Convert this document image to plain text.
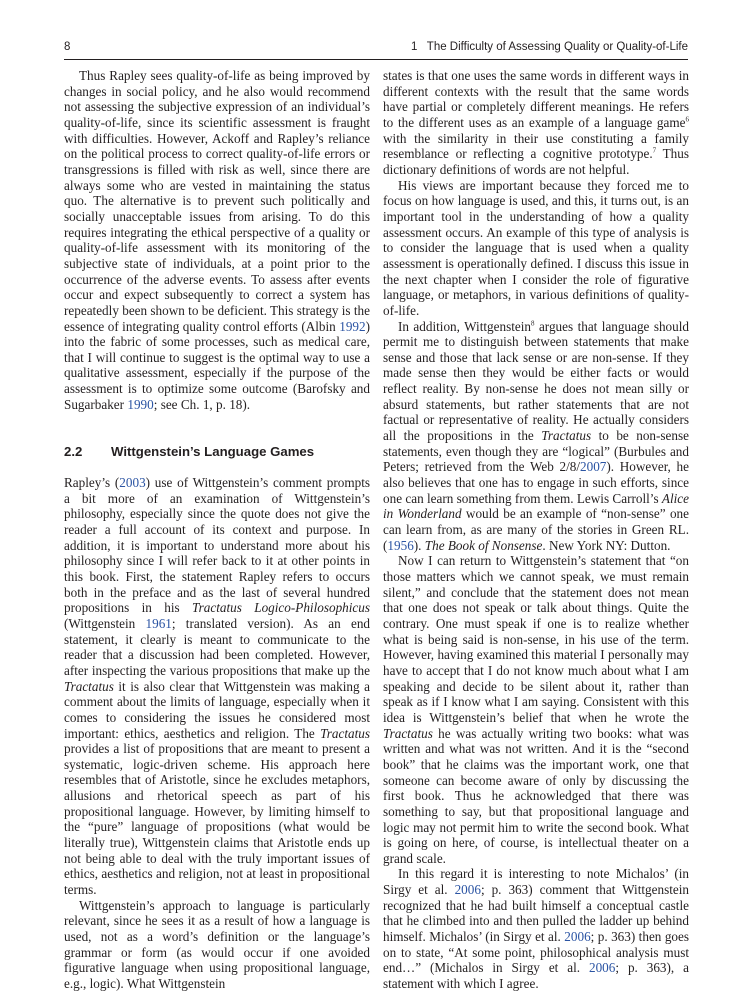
8	1   The Difficulty of Assessing Quality or Quality-of-Life

Thus Rapley sees quality-of-life as being improved by changes in social policy, and he also would recommend not assessing the subjective expression of an individual’s quality-of-life, since its scientific assessment is fraught with difficulties. However, Ackoff and Rapley’s reliance on the political process to correct quality-of-life errors or transgressions is filled with risk as well, since there are always some who are vested in maintaining the status quo. The alternative is to prevent such politically and socially unacceptable issues from arising. To do this requires integrating the ethical perspective of a quality or quality-of-life assessment with its monitoring of the subjective state of individuals, at a point prior to the occurrence of the adverse events. To assess after events occur and expect subsequently to correct a system has repeatedly been shown to be deficient. This strategy is the essence of integrating quality control efforts (Albin 1992) into the fabric of some processes, such as medical care, that I will continue to suggest is the optimal way to use a qualitative assessment, especially if the purpose of the assessment is to optimize some outcome (Barofsky and Sugarbaker 1990; see Ch. 1, p. 18).

2.2 Wittgenstein’s Language Games

Rapley’s (2003) use of Wittgenstein’s comment prompts a bit more of an examination of Wittgenstein’s philosophy, especially since the quote does not give the reader a full account of its context and purpose. In addition, it is important to understand more about his philosophy since I will refer back to it at other points in this book. First, the statement Rapley refers to occurs both in the preface and as the last of several hundred propositions in his Tractatus Logico-Philosophicus (Wittgenstein 1961; translated version). As an end statement, it clearly is meant to communicate to the reader that a discussion had been completed. However, after inspecting the various propositions that make up the Tractatus it is also clear that Wittgenstein was making a comment about the limits of language, especially when it comes to considering the issues he considered most important: ethics, aesthetics and religion. The Tractatus provides a list of propositions that are meant to present a systematic, logic-driven scheme. His approach here resembles that of Aristotle, since he excludes metaphors, allusions and rhetorical speech as part of his propositional language. However, by limiting himself to the “pure” language of propositions (what would be literally true), Wittgenstein claims that Aristotle ends up not being able to deal with the truly important issues of ethics, aesthetics and religion, not at least in propositional terms.

Wittgenstein’s approach to language is particularly relevant, since he sees it as a result of how a language is used, not as a word’s definition or the language’s grammar or form (as would occur if one avoided figurative language when using propositional language, e.g., logic). What Wittgenstein

states is that one uses the same words in different ways in different contexts with the result that the same words have partial or completely different meanings. He refers to the different uses as an example of a language game$^6$ with the similarity in their use constituting a family resemblance or reflecting a cognitive prototype.$^7$ Thus dictionary definitions of words are not helpful.

His views are important because they forced me to focus on how language is used, and this, it turns out, is an important tool in the understanding of how a quality assessment occurs. An example of this type of analysis is to consider the language that is used when a quality assessment is operationally defined. I discuss this issue in the next chapter when I consider the role of figurative language, or metaphors, in various definitions of quality-of-life.

In addition, Wittgenstein$^8$ argues that language should permit me to distinguish between statements that make sense and those that lack sense or are non-sense. If they made sense then they would be either facts or would reflect reality. By non-sense he does not mean silly or absurd statements, but rather statements that are not factual or representative of reality. He actually considers all the propositions in the Tractatus to be non-sense statements, even though they are “logical” (Burbules and Peters; retrieved from the Web 2/8/2007). However, he also believes that one has to engage in such efforts, since one can learn something from them. Lewis Carroll’s Alice in Wonderland would be an example of “non-sense” one can learn from, as are many of the stories in Green RL. (1956). The Book of Nonsense. New York NY: Dutton.

Now I can return to Wittgenstein’s statement that “on those matters which we cannot speak, we must remain silent,” and conclude that the statement does not mean that one does not speak or talk about things. Quite the contrary. One must speak if one is to realize whether what is being said is non-sense, in his use of the term. However, having examined this material I personally may have to accept that I do not know much about what I am speaking and decide to be silent about it, rather than speak as if I know what I am saying. Consistent with this idea is Wittgenstein’s belief that when he wrote the Tractatus he was actually writing two books: what was written and what was not written. And it is the “second book” that he claims was the important work, one that someone can become aware of only by discussing the first book. Thus he acknowledged that there was something to say, but that propositional language and logic may not permit him to write the second book. What is going on here, of course, is intellectual theater on a grand scale.

In this regard it is interesting to note Michalos’ (in Sirgy et al. 2006; p. 363) comment that Wittgenstein recognized that he had built himself a conceptual castle that he climbed into and then pulled the ladder up behind himself. Michalos’ (in Sirgy et al. 2006; p. 363) then goes on to state, “At some point, philosophical analysis must end…” (Michalos in Sirgy et al. 2006; p. 363), a statement with which I agree.
